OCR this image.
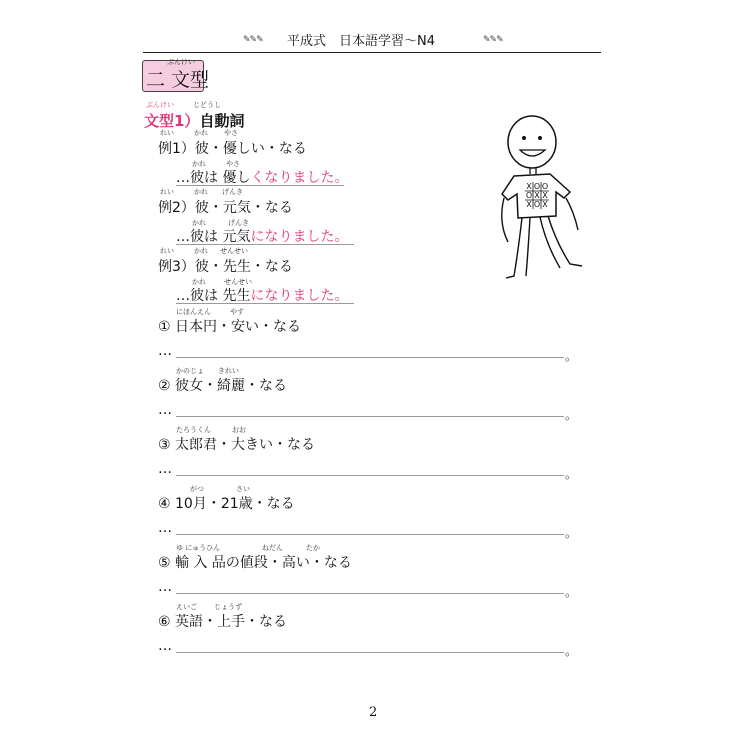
✎✎✎ 平成式　日本語学習〜N4	✎✎✎
二 文型
ぶんけい
ぶんけい	じどうし
文型1）自動詞
れい	かれ やさ
例1）彼・優しい・なる
かれ	やさ
…彼は 優しくなりました。
れい	かれ げんき
例2）彼・元気・なる
かれ	げんき
…彼は 元気になりました。
れい	かれ せんせい
例3）彼・先生・なる
かれ	せんせい
…彼は 先生になりました。
にほんえん	やす
① 日本円・安い・なる
…	。
かのじょ きれい
② 彼女・綺麗・なる
…	。
たろうくん	おお
③ 太郎君・大きい・なる
…	。
がつ	さい
④ 10月・21歳・なる
…	。
ゆ にゅうひん	ねだん	たか
⑤ 輸 入 品の値段・高い・なる
…	。
えいご じょうず
⑥ 英語・上手・なる
…	。
X O O
O X X
X O X
2
